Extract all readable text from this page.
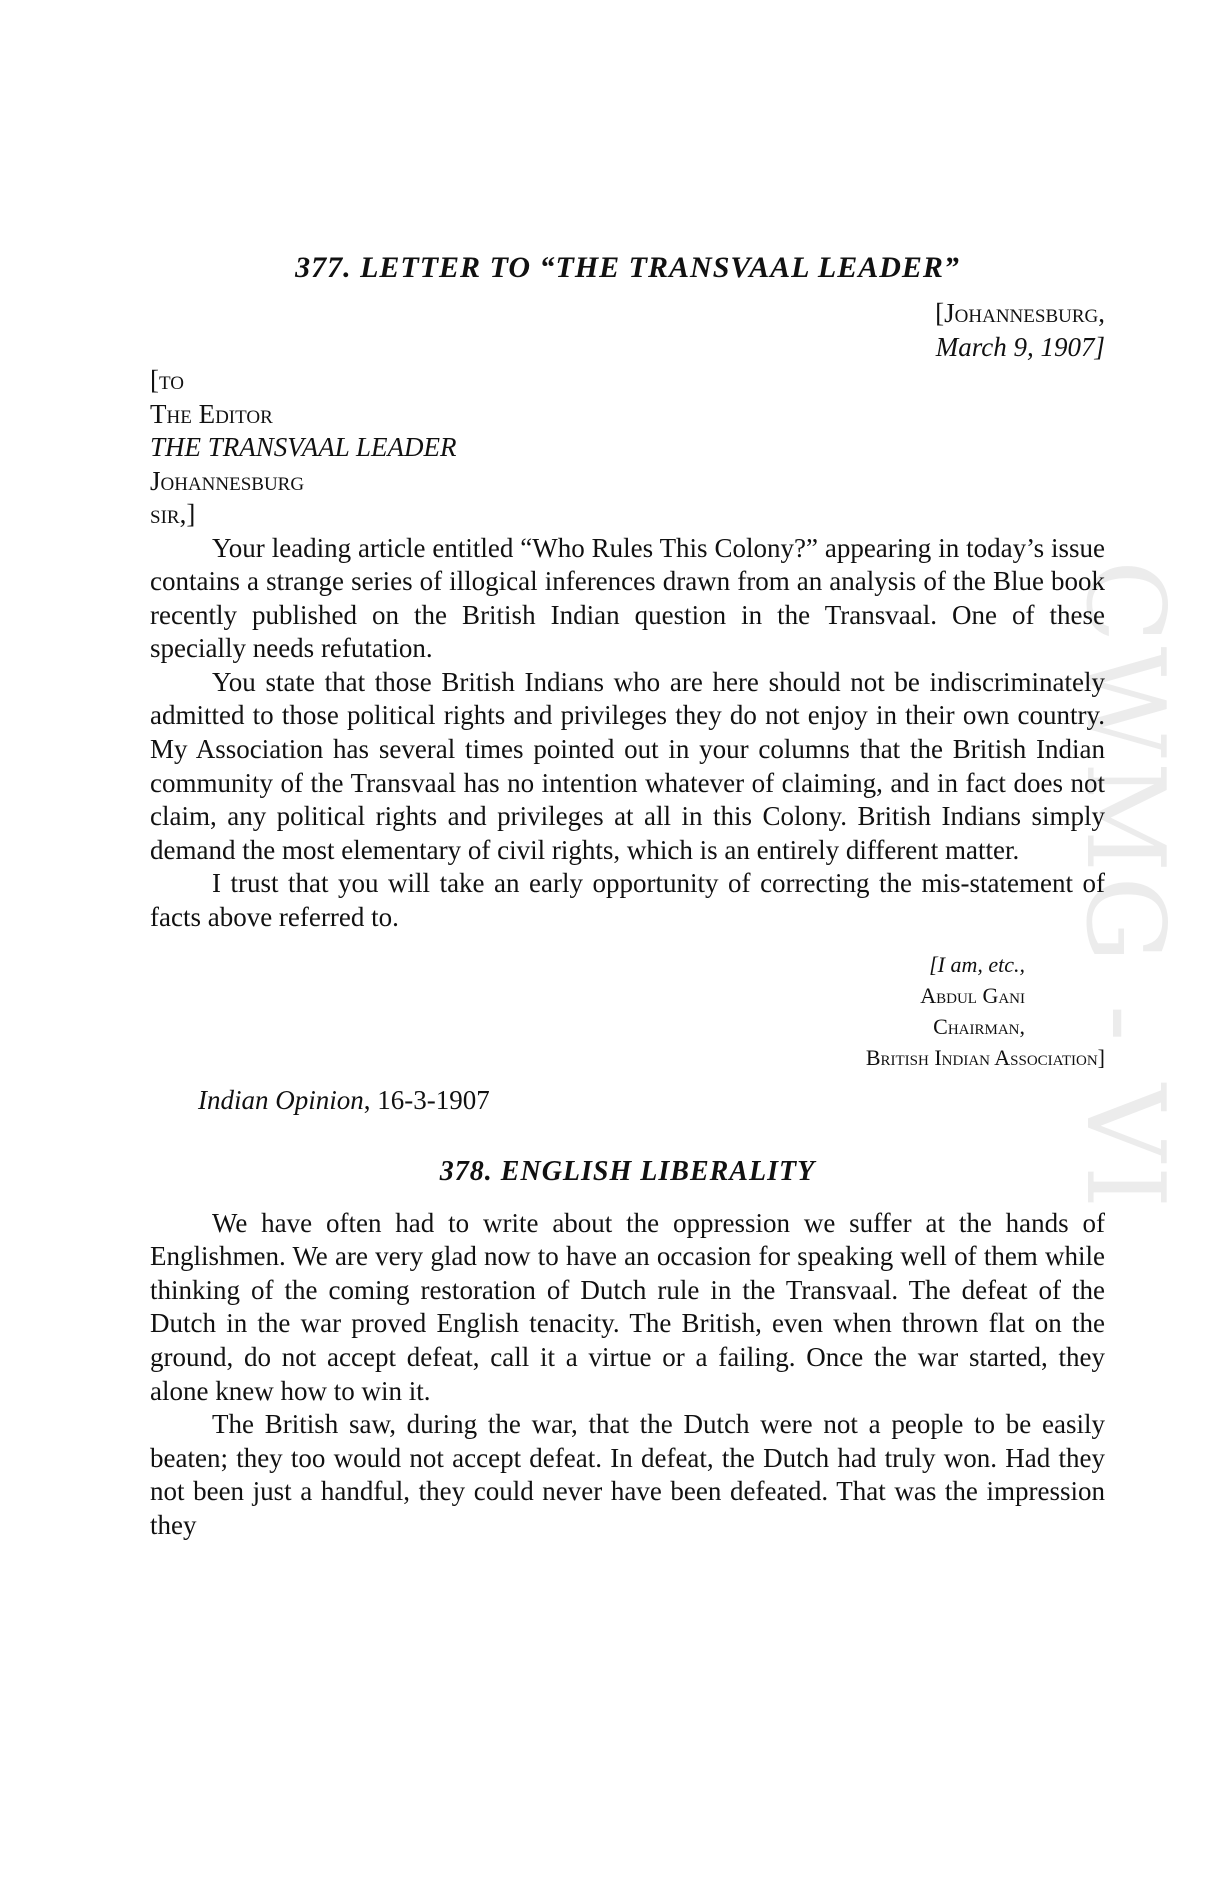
CWMG - VI
377. LETTER TO “THE TRANSVAAL LEADER”
[Johannesburg,
March 9, 1907]
[to
The Editor
THE TRANSVAAL LEADER
Johannesburg
sir,]

Your leading article entitled “Who Rules This Colony?” appearing in today’s issue contains a strange series of illogical inferences drawn from an analysis of the Blue book recently published on the British Indian question in the Transvaal. One of these specially needs refutation.

You state that those British Indians who are here should not be indiscriminately admitted to those political rights and privileges they do not enjoy in their own country. My Association has several times pointed out in your columns that the British Indian community of the Transvaal has no intention whatever of claiming, and in fact does not claim, any political rights and privileges at all in this Colony. British Indians simply demand the most elementary of civil rights, which is an entirely different matter.

I trust that you will take an early opportunity of correcting the mis-statement of facts above referred to.

[I am, etc.,
Abdul Gani
Chairman,
British Indian Association]
Indian Opinion, 16-3-1907
378. ENGLISH LIBERALITY

We have often had to write about the oppression we suffer at the hands of Englishmen. We are very glad now to have an occasion for speaking well of them while thinking of the coming restoration of Dutch rule in the Transvaal. The defeat of the Dutch in the war proved English tenacity. The British, even when thrown flat on the ground, do not accept defeat, call it a virtue or a failing. Once the war started, they alone knew how to win it.

The British saw, during the war, that the Dutch were not a people to be easily beaten; they too would not accept defeat. In defeat, the Dutch had truly won. Had they not been just a handful, they could never have been defeated. That was the impression they
